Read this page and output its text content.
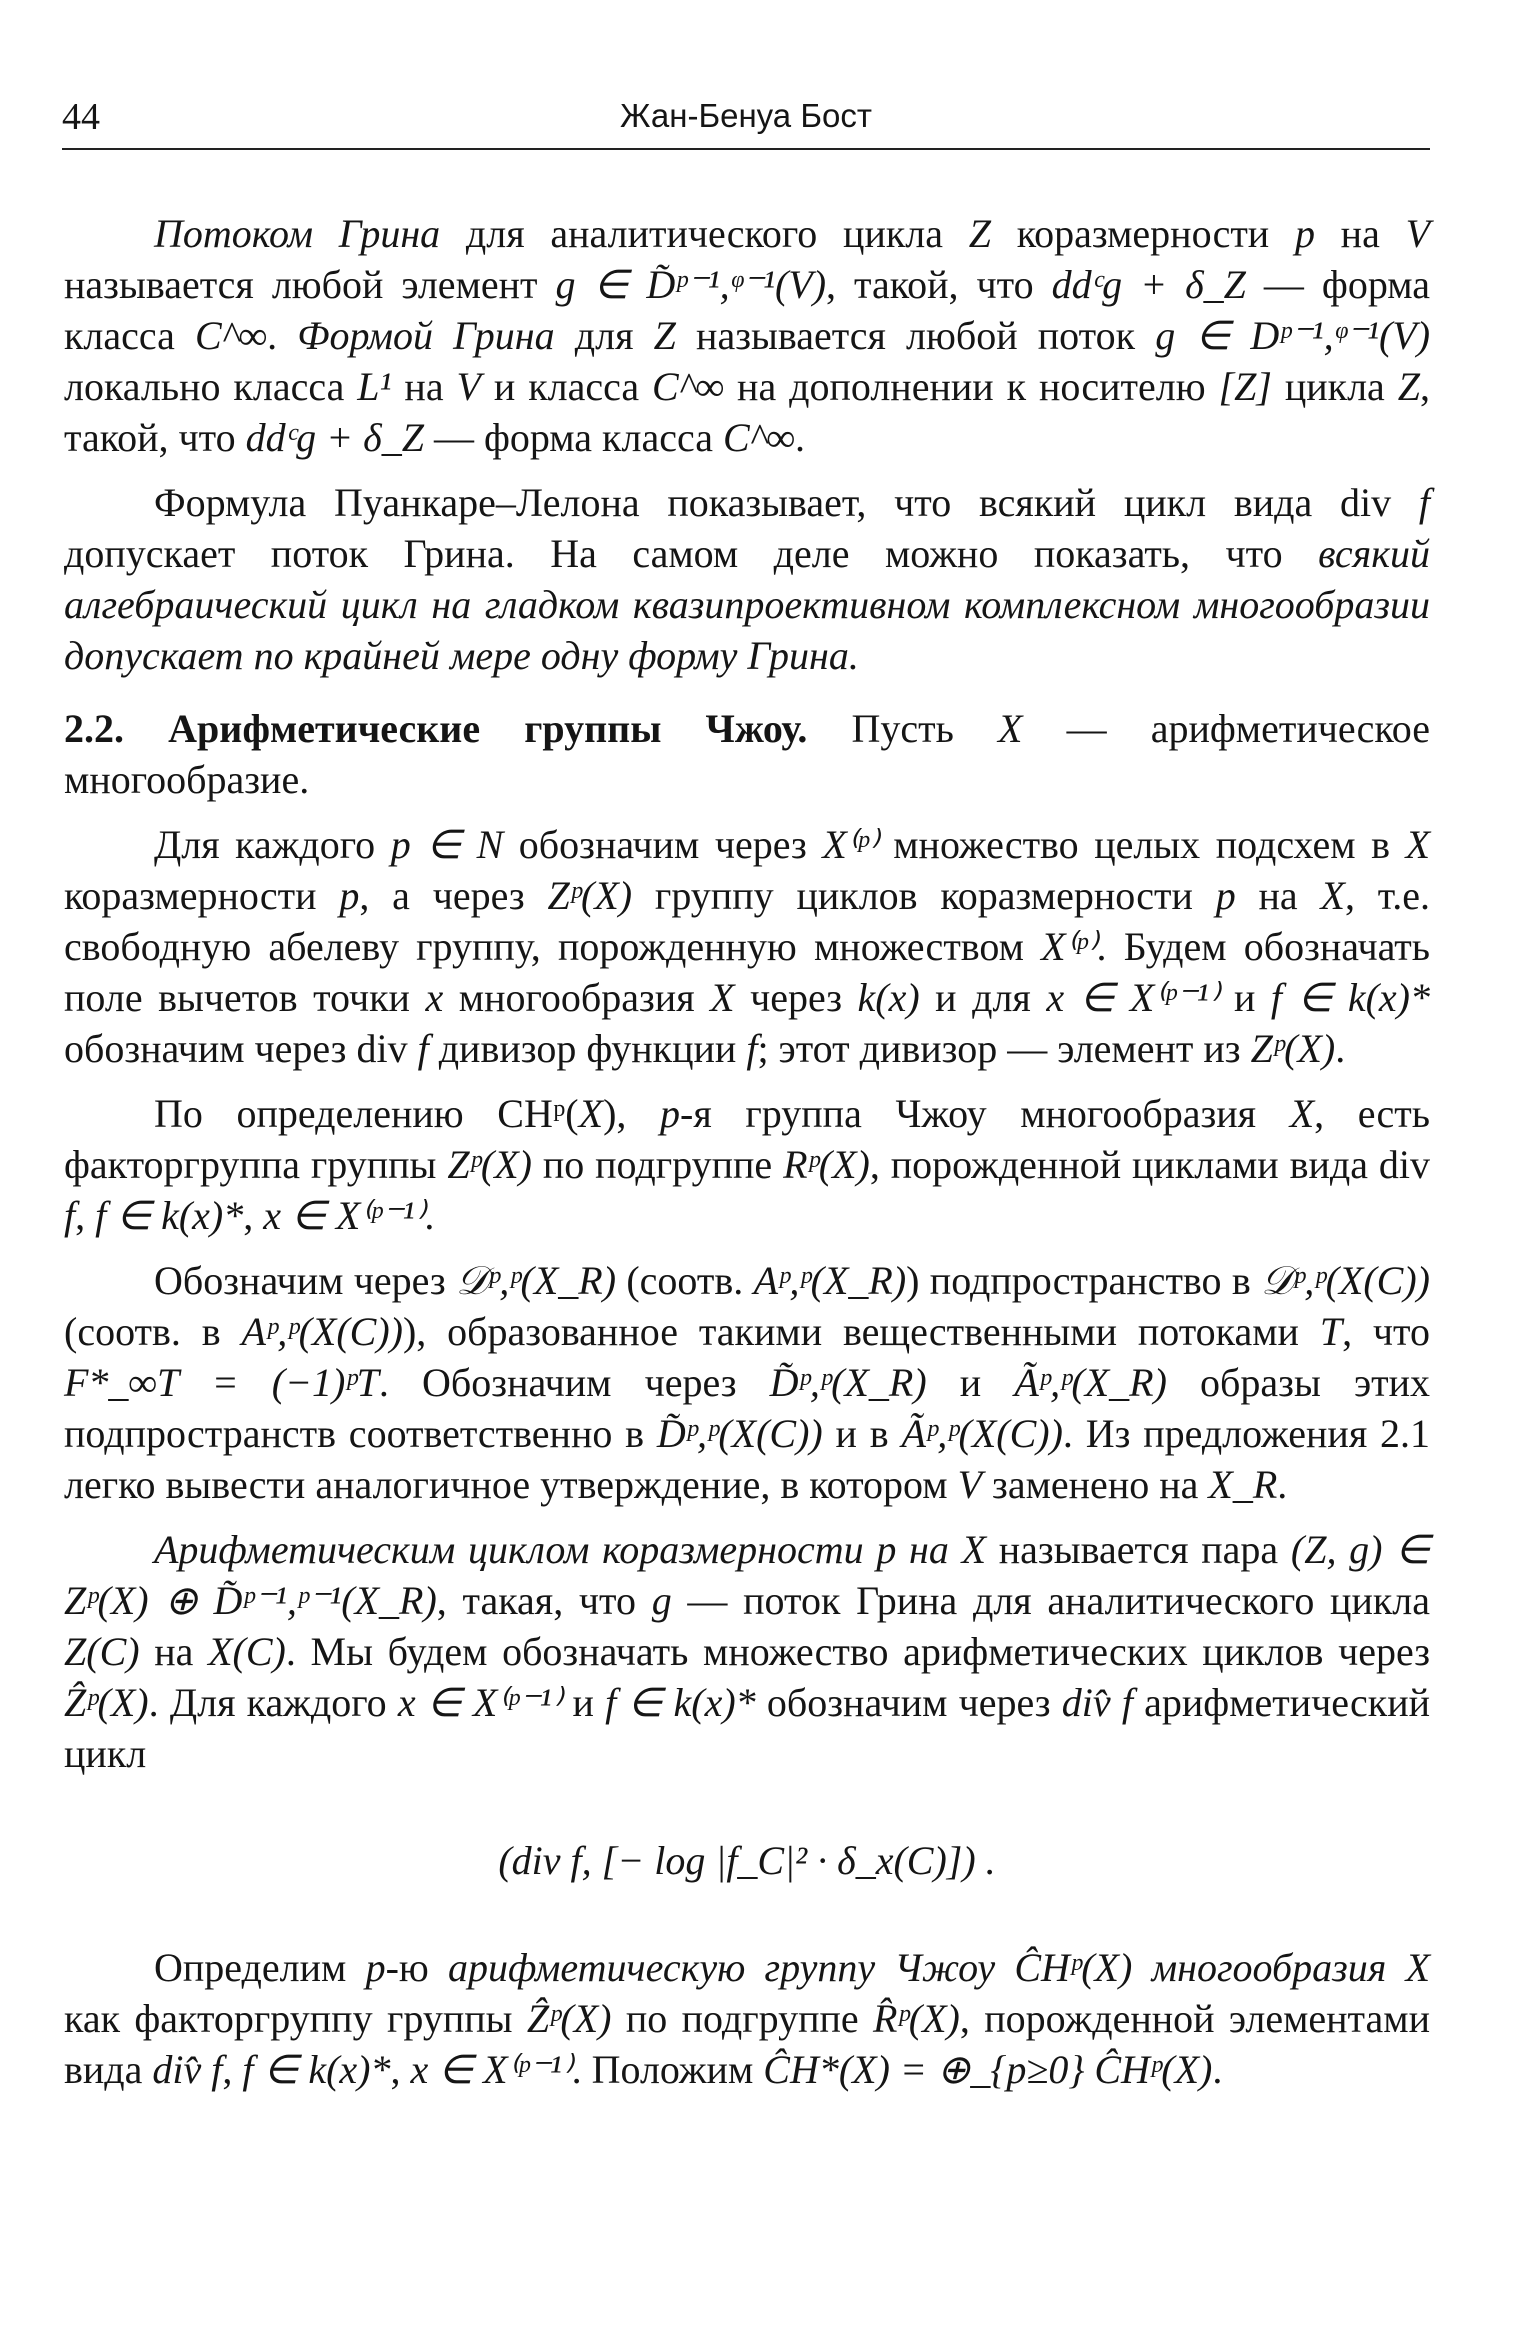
44	Жан-Бенуа Бост

Потоком Грина для аналитического цикла Z коразмерности p на V называется любой элемент g ∈ D̃ᵖ⁻¹,ᵠ⁻¹(V), такой, что ddᶜg + δ_Z — форма класса C^∞. Формой Грина для Z называется любой поток g ∈ Dᵖ⁻¹,ᵠ⁻¹(V) локально класса L¹ на V и класса C^∞ на дополнении к носителю [Z] цикла Z, такой, что ddᶜg + δ_Z — форма класса C^∞.

Формула Пуанкаре–Лелона показывает, что всякий цикл вида div f допускает поток Грина. На самом деле можно показать, что всякий алгебраический цикл на гладком квазипроективном комплексном многообразии допускает по крайней мере одну форму Грина.

2.2. Арифметические группы Чжоу. Пусть X — арифметическое многообразие.

Для каждого p ∈ N обозначим через X⁽ᵖ⁾ множество целых подсхем в X коразмерности p, а через Zᵖ(X) группу циклов коразмерности p на X, т.е. свободную абелеву группу, порожденную множеством X⁽ᵖ⁾. Будем обозначать поле вычетов точки x многообразия X через k(x) и для x ∈ X⁽ᵖ⁻¹⁾ и f ∈ k(x)* обозначим через div f дивизор функции f; этот дивизор — элемент из Zᵖ(X).

По определению CHᵖ(X), p-я группа Чжоу многообразия X, есть факторгруппа группы Zᵖ(X) по подгруппе Rᵖ(X), порожденной циклами вида div f, f ∈ k(x)*, x ∈ X⁽ᵖ⁻¹⁾.

Обозначим через 𝒟ᵖ,ᵖ(X_R) (соотв. Aᵖ,ᵖ(X_R)) подпространство в 𝒟ᵖ,ᵖ(X(C)) (соотв. в Aᵖ,ᵖ(X(C))), образованное такими вещественными потоками T, что F*_∞T = (−1)ᵖT. Обозначим через D̃ᵖ,ᵖ(X_R) и Ãᵖ,ᵖ(X_R) образы этих подпространств соответственно в D̃ᵖ,ᵖ(X(C)) и в Ãᵖ,ᵖ(X(C)). Из предложения 2.1 легко вывести аналогичное утверждение, в котором V заменено на X_R.

Арифметическим циклом коразмерности p на X называется пара (Z, g) ∈ Zᵖ(X) ⊕ D̃ᵖ⁻¹,ᵖ⁻¹(X_R), такая, что g — поток Грина для аналитического цикла Z(C) на X(C). Мы будем обозначать множество арифметических циклов через Ẑᵖ(X). Для каждого x ∈ X⁽ᵖ⁻¹⁾ и f ∈ k(x)* обозначим через div̂ f арифметический цикл

(div f, [− log |f_C|² · δ_x(C)]) .

Определим p-ю арифметическую группу Чжоу ĈHᵖ(X) многообразия X как факторгруппу группы Ẑᵖ(X) по подгруппе R̂ᵖ(X), порожденной элементами вида div̂ f, f ∈ k(x)*, x ∈ X⁽ᵖ⁻¹⁾. Положим ĈH*(X) = ⊕_{p≥0} ĈHᵖ(X).
